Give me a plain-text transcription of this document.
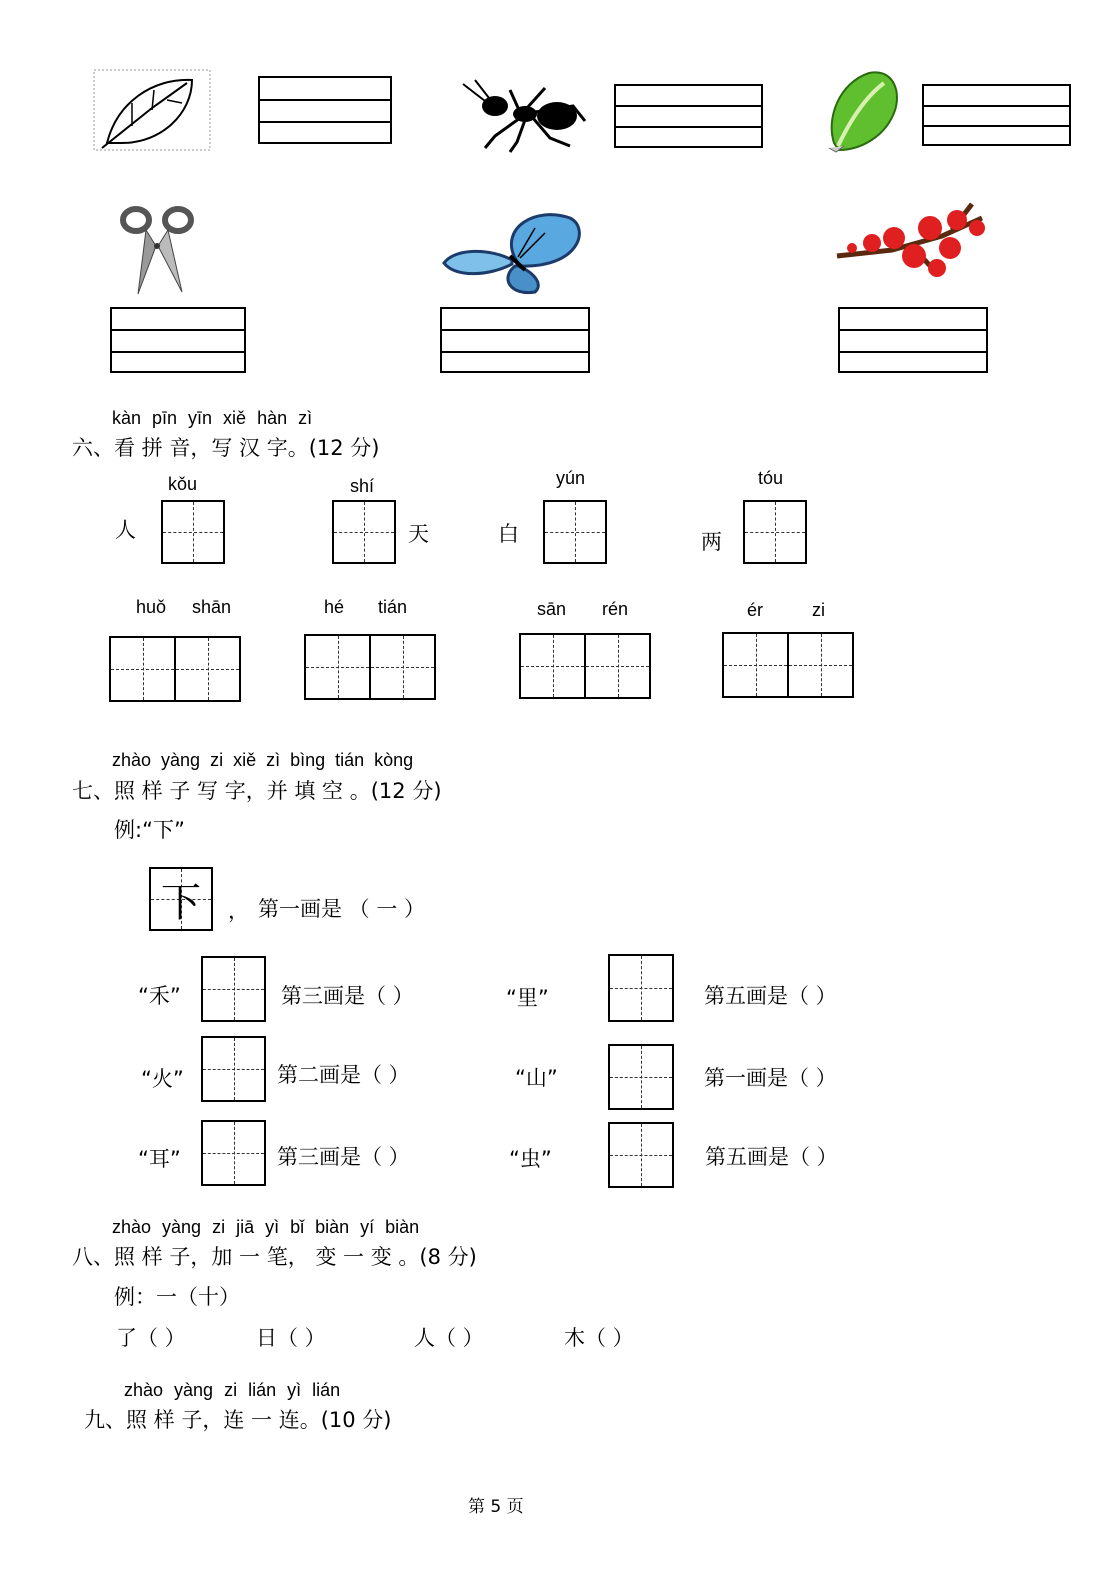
kàn pīn yīn xiě hàn zì
六、看 拼 音，写 汉 字。(12 分)
kǒu
人
shí
天
yún
白
tóu
两
huǒ shān	hé tián	sān rén	ér	zi
zhào yàng zi xiě zì bìng tián kòng
七、照 样 子 写 字，并 填 空 。(12 分)
例:“下”
下	， 第一画是 （ 一 ）
“禾”	第三画是（ ）	“里”	第五画是（ ）
“火”	第二画是（ ）	“山”	第一画是（ ）
“耳”	第三画是（ ）	“虫”	第五画是（ ）
zhào yàng zi jiā yì bǐ biàn yí biàn
八、照 样 子，加 一 笔， 变 一 变 。(8 分)
例：一（十）
了（ ）	日（ ）	人（ ）	木（ ）
zhào yàng zi lián yì lián
九、照 样 子，连 一 连。(10 分)
第 5 页
